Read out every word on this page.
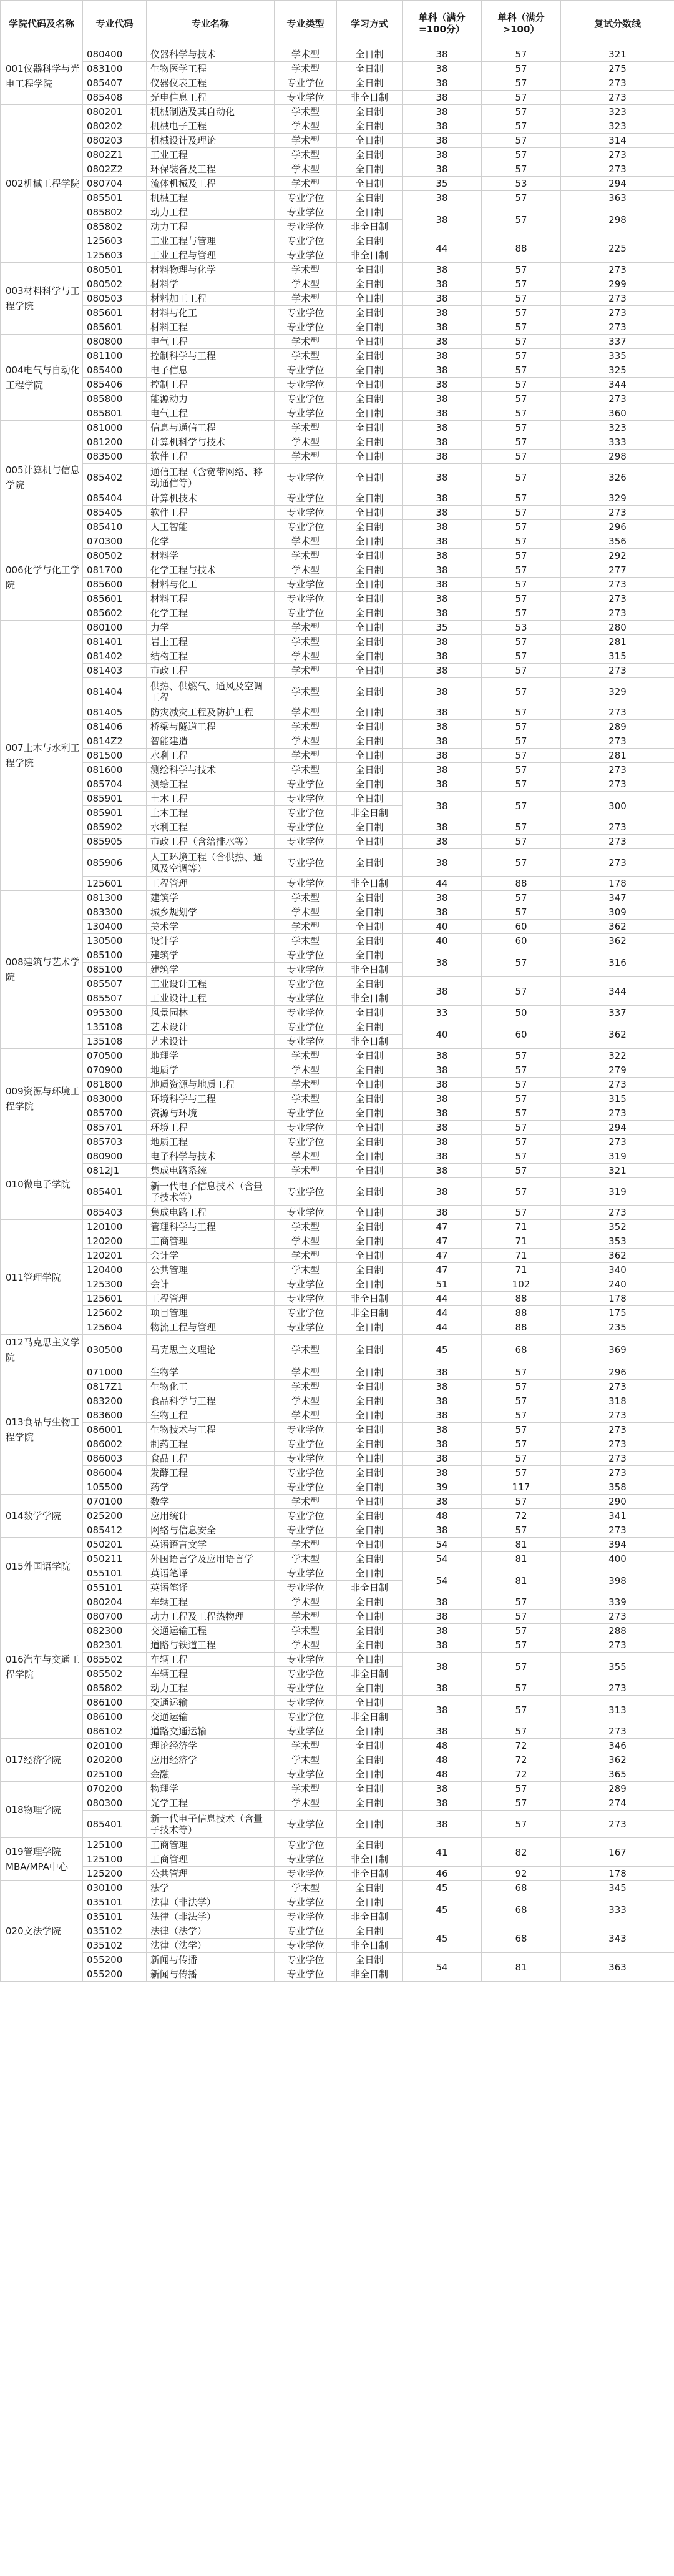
学院代码及名称	专业代码	专业名称	专业类型	学习方式	单科（满分=100分）	单科（满分>100）	复试分数线
001仪器科学与光电工程学院	080400	仪器科学与技术	学术型	全日制	38	57	321
	083100	生物医学工程	学术型	全日制	38	57	275
	085407	仪器仪表工程	专业学位	全日制	38	57	273
	085408	光电信息工程	专业学位	非全日制	38	57	273
002机械工程学院	080201	机械制造及其自动化	学术型	全日制	38	57	323
	080202	机械电子工程	学术型	全日制	38	57	323
	080203	机械设计及理论	学术型	全日制	38	57	314
	0802Z1	工业工程	学术型	全日制	38	57	273
	0802Z2	环保装备及工程	学术型	全日制	38	57	273
	080704	流体机械及工程	学术型	全日制	35	53	294
	085501	机械工程	专业学位	全日制	38	57	363
	085802	动力工程	专业学位	全日制	38	57	298
	085802	动力工程	专业学位	非全日制			
	125603	工业工程与管理	专业学位	全日制	44	88	225
	125603	工业工程与管理	专业学位	非全日制			
003材料科学与工程学院	080501	材料物理与化学	学术型	全日制	38	57	273
	080502	材料学	学术型	全日制	38	57	299
	080503	材料加工工程	学术型	全日制	38	57	273
	085601	材料与化工	专业学位	全日制	38	57	273
	085601	材料工程	专业学位	全日制	38	57	273
004电气与自动化工程学院	080800	电气工程	学术型	全日制	38	57	337
	081100	控制科学与工程	学术型	全日制	38	57	335
	085400	电子信息	专业学位	全日制	38	57	325
	085406	控制工程	专业学位	全日制	38	57	344
	085800	能源动力	专业学位	全日制	38	57	273
	085801	电气工程	专业学位	全日制	38	57	360
005计算机与信息学院	081000	信息与通信工程	学术型	全日制	38	57	323
	081200	计算机科学与技术	学术型	全日制	38	57	333
	083500	软件工程	学术型	全日制	38	57	298
	085402	通信工程（含宽带网络、移动通信等）	专业学位	全日制	38	57	326
	085404	计算机技术	专业学位	全日制	38	57	329
	085405	软件工程	专业学位	全日制	38	57	273
	085410	人工智能	专业学位	全日制	38	57	296
006化学与化工学院	070300	化学	学术型	全日制	38	57	356
	080502	材料学	学术型	全日制	38	57	292
	081700	化学工程与技术	学术型	全日制	38	57	277
	085600	材料与化工	专业学位	全日制	38	57	273
	085601	材料工程	专业学位	全日制	38	57	273
	085602	化学工程	专业学位	全日制	38	57	273
007土木与水利工程学院	080100	力学	学术型	全日制	35	53	280
	081401	岩土工程	学术型	全日制	38	57	281
	081402	结构工程	学术型	全日制	38	57	315
	081403	市政工程	学术型	全日制	38	57	273
	081404	供热、供燃气、通风及空调工程	学术型	全日制	38	57	329
	081405	防灾减灾工程及防护工程	学术型	全日制	38	57	273
	081406	桥梁与隧道工程	学术型	全日制	38	57	289
	0814Z2	智能建造	学术型	全日制	38	57	273
	081500	水利工程	学术型	全日制	38	57	281
	081600	测绘科学与技术	学术型	全日制	38	57	273
	085704	测绘工程	专业学位	全日制	38	57	273
	085901	土木工程	专业学位	全日制	38	57	300
	085901	土木工程	专业学位	非全日制			
	085902	水利工程	专业学位	全日制	38	57	273
	085905	市政工程（含给排水等）	专业学位	全日制	38	57	273
	085906	人工环境工程（含供热、通风及空调等）	专业学位	全日制	38	57	273
	125601	工程管理	专业学位	非全日制	44	88	178
008建筑与艺术学院	081300	建筑学	学术型	全日制	38	57	347
	083300	城乡规划学	学术型	全日制	38	57	309
	130400	美术学	学术型	全日制	40	60	362
	130500	设计学	学术型	全日制	40	60	362
	085100	建筑学	专业学位	全日制	38	57	316
	085100	建筑学	专业学位	非全日制			
	085507	工业设计工程	专业学位	全日制	38	57	344
	085507	工业设计工程	专业学位	非全日制			
	095300	风景园林	专业学位	全日制	33	50	337
	135108	艺术设计	专业学位	全日制	40	60	362
	135108	艺术设计	专业学位	非全日制			
009资源与环境工程学院	070500	地理学	学术型	全日制	38	57	322
	070900	地质学	学术型	全日制	38	57	279
	081800	地质资源与地质工程	学术型	全日制	38	57	273
	083000	环境科学与工程	学术型	全日制	38	57	315
	085700	资源与环境	专业学位	全日制	38	57	273
	085701	环境工程	专业学位	全日制	38	57	294
	085703	地质工程	专业学位	全日制	38	57	273
010微电子学院	080900	电子科学与技术	学术型	全日制	38	57	319
	0812J1	集成电路系统	学术型	全日制	38	57	321
	085401	新一代电子信息技术（含量子技术等）	专业学位	全日制	38	57	319
	085403	集成电路工程	专业学位	全日制	38	57	273
011管理学院	120100	管理科学与工程	学术型	全日制	47	71	352
	120200	工商管理	学术型	全日制	47	71	353
	120201	会计学	学术型	全日制	47	71	362
	120400	公共管理	学术型	全日制	47	71	340
	125300	会计	专业学位	全日制	51	102	240
	125601	工程管理	专业学位	非全日制	44	88	178
	125602	项目管理	专业学位	非全日制	44	88	175
	125604	物流工程与管理	专业学位	全日制	44	88	235
012马克思主义学院	030500	马克思主义理论	学术型	全日制	45	68	369
013食品与生物工程学院	071000	生物学	学术型	全日制	38	57	296
	0817Z1	生物化工	学术型	全日制	38	57	273
	083200	食品科学与工程	学术型	全日制	38	57	318
	083600	生物工程	学术型	全日制	38	57	273
	086001	生物技术与工程	专业学位	全日制	38	57	273
	086002	制药工程	专业学位	全日制	38	57	273
	086003	食品工程	专业学位	全日制	38	57	273
	086004	发酵工程	专业学位	全日制	38	57	273
	105500	药学	专业学位	全日制	39	117	358
014数学学院	070100	数学	学术型	全日制	38	57	290
	025200	应用统计	专业学位	全日制	48	72	341
	085412	网络与信息安全	专业学位	全日制	38	57	273
015外国语学院	050201	英语语言文学	学术型	全日制	54	81	394
	050211	外国语言学及应用语言学	学术型	全日制	54	81	400
	055101	英语笔译	专业学位	全日制	54	81	398
	055101	英语笔译	专业学位	非全日制			
016汽车与交通工程学院	080204	车辆工程	学术型	全日制	38	57	339
	080700	动力工程及工程热物理	学术型	全日制	38	57	273
	082300	交通运输工程	学术型	全日制	38	57	288
	082301	道路与铁道工程	学术型	全日制	38	57	273
	085502	车辆工程	专业学位	全日制	38	57	355
	085502	车辆工程	专业学位	非全日制			
	085802	动力工程	专业学位	全日制	38	57	273
	086100	交通运输	专业学位	全日制	38	57	313
	086100	交通运输	专业学位	非全日制			
	086102	道路交通运输	专业学位	全日制	38	57	273
017经济学院	020100	理论经济学	学术型	全日制	48	72	346
	020200	应用经济学	学术型	全日制	48	72	362
	025100	金融	专业学位	全日制	48	72	365
018物理学院	070200	物理学	学术型	全日制	38	57	289
	080300	光学工程	学术型	全日制	38	57	274
	085401	新一代电子信息技术（含量子技术等）	专业学位	全日制	38	57	273
019管理学院MBA/MPA中心	125100	工商管理	专业学位	全日制	41	82	167
	125100	工商管理	专业学位	非全日制			
	125200	公共管理	专业学位	非全日制	46	92	178
020文法学院	030100	法学	学术型	全日制	45	68	345
	035101	法律（非法学）	专业学位	全日制	45	68	333
	035101	法律（非法学）	专业学位	非全日制			
	035102	法律（法学）	专业学位	全日制	45	68	343
	035102	法律（法学）	专业学位	非全日制			
	055200	新闻与传播	专业学位	全日制	54	81	363
	055200	新闻与传播	专业学位	非全日制			
